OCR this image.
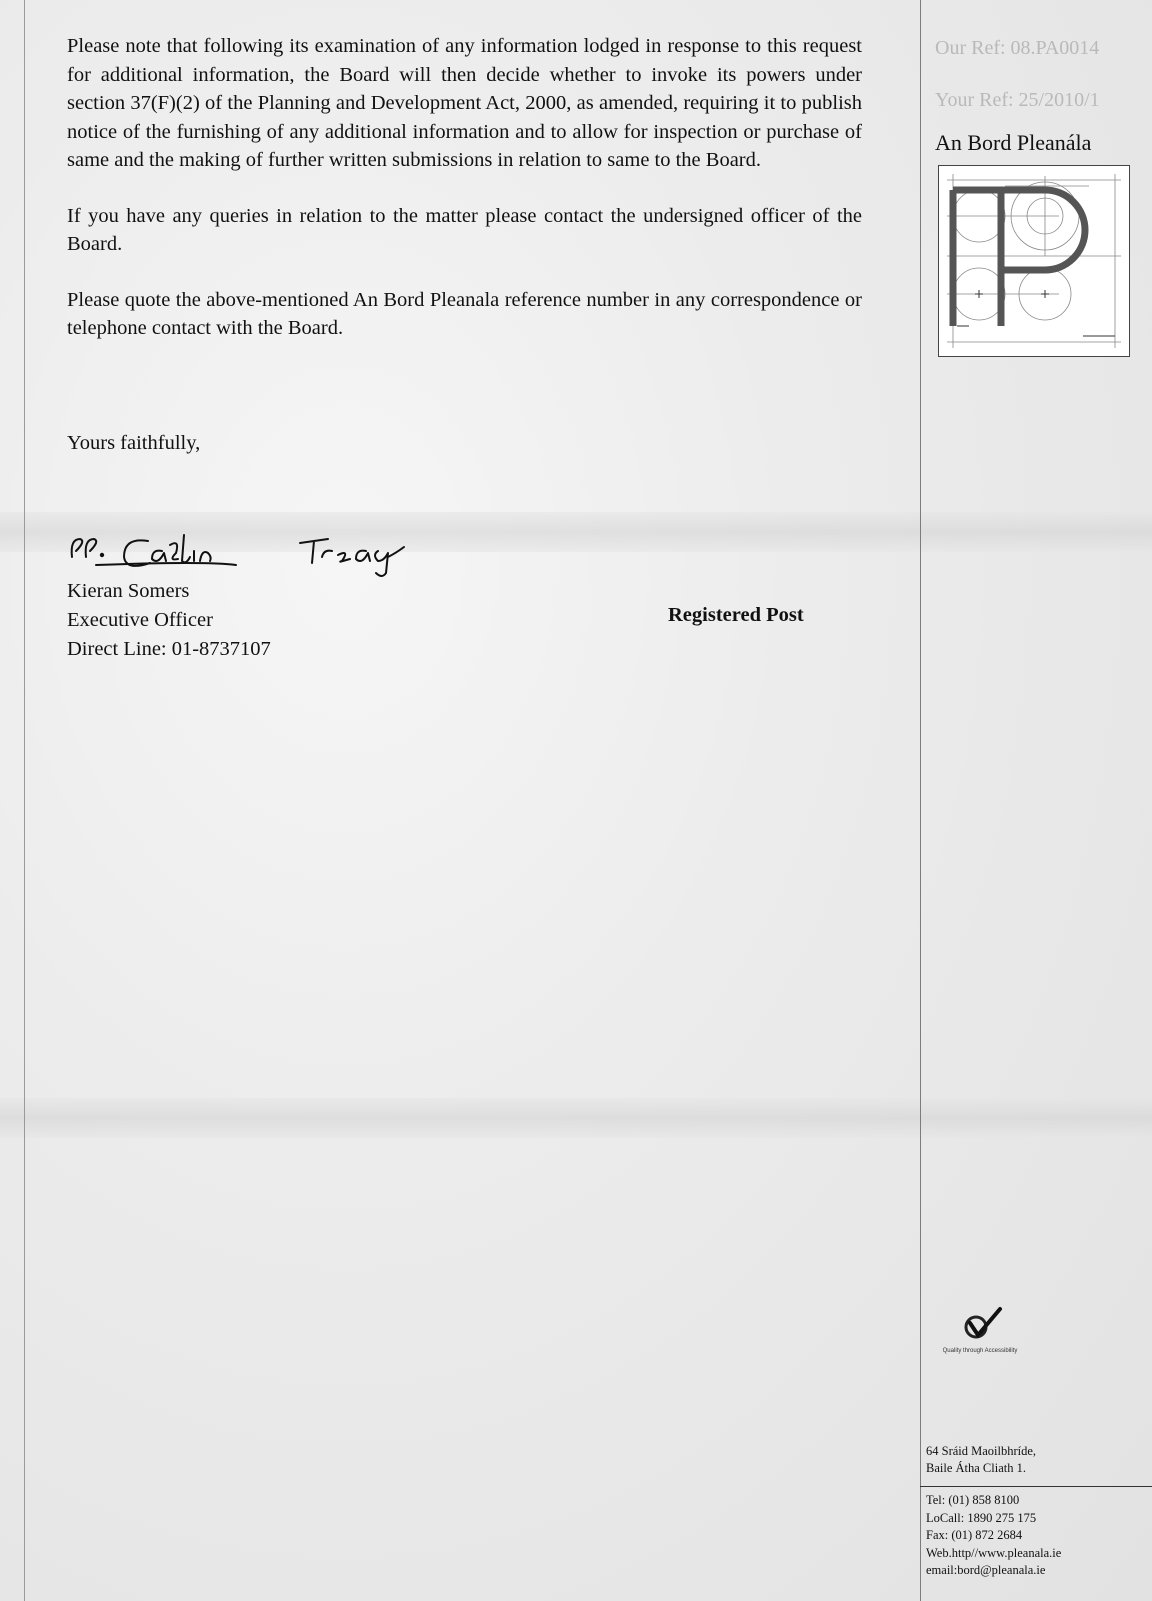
Our Ref: 08.PA0014
Your Ref: 25/2010/1

Please note that following its examination of any information lodged in response to this request for additional information, the Board will then decide whether to invoke its powers under section 37(F)(2) of the Planning and Development Act, 2000, as amended, requiring it to publish notice of the furnishing of any additional information and to allow for inspection or purchase of same and the making of further written submissions in relation to same to the Board.

If you have any queries in relation to the matter please contact the undersigned officer of the Board.

Please quote the above-mentioned An Bord Pleanala reference number in any correspondence or telephone contact with the Board.

Yours faithfully,
Kieran Somers
Executive Officer
Direct Line: 01-8737107
Registered Post
An Bord Pleanála
Quality through Accessibility
64 Sráid Maoilbhríde,
Baile Átha Cliath 1.
Tel: (01) 858 8100
LoCall: 1890 275 175
Fax: (01) 872 2684
Web.http//www.pleanala.ie
email:bord@pleanala.ie
